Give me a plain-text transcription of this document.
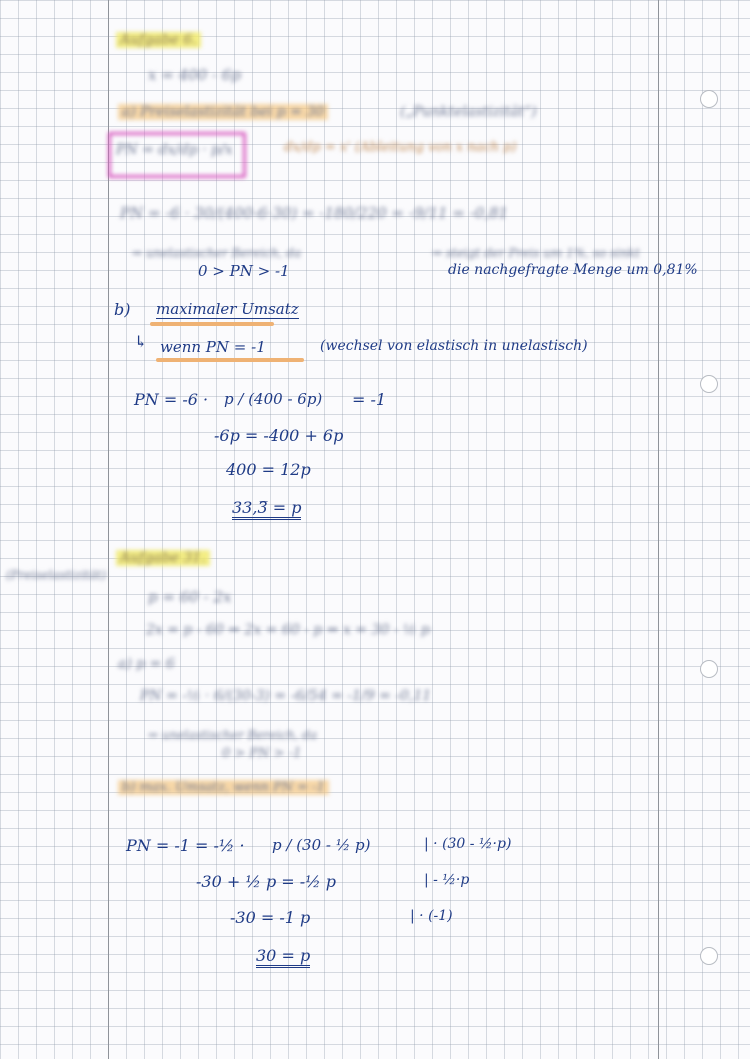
Aufgabe 6.
x = 400 - 6p
a) Preiselastizität bei p = 30	(„Punktelastizität“)
PN = dx/dp · p/x	dx/dp = x' (Ableitung von x nach p)
PN = -6 · 30/(400-6·30) = -180/220 = -9/11 = -0,81
⇒ unelastischer Bereich, da	⇒ steigt der Preis um 1%, so sinkt
0 > PN > -1	die nachgefragte Menge um 0,81%
b) maximaler Umsatz
↳ wenn PN = -1	(wechsel von elastisch in unelastisch)
PN = -6 · p / (400 - 6p) = -1
-6p = -400 + 6p
400 = 12p
33,3̅ = p
Aufgabe 31.
(Preiselastizität)
p = 60 - 2x
2x = p - 60 ⇒ 2x = 60 - p ⇒ x = 30 - ½ p
a) p = 6
PN = -½ · 6/(30-3) = -6/54 = -1/9 = -0,11
⇒ unelastischer Bereich, da
0 > PN > -1
b) max. Umsatz, wenn PN = -1
PN = -1 = -½ · p / (30 - ½ p)	| · (30 - ½·p)
-30 + ½ p = -½ p	| - ½·p
-30 = -1 p	| · (-1)
30 = p
